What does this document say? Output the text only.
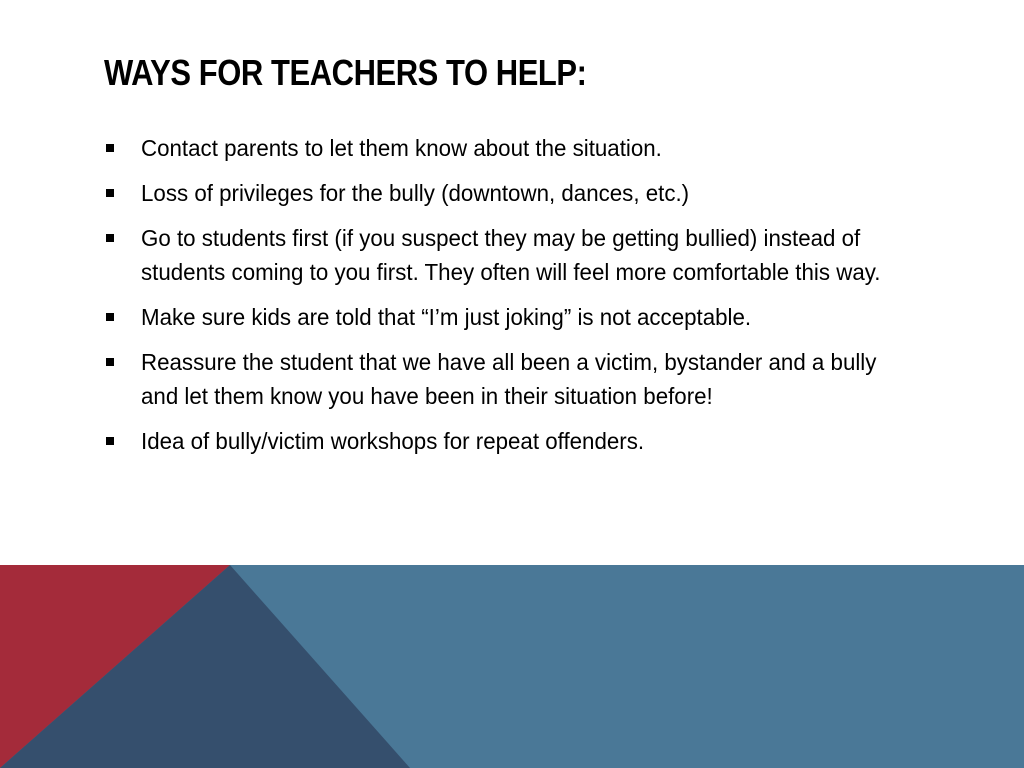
WAYS FOR TEACHERS TO HELP:
Contact parents to let them know about the situation.
Loss of privileges for the bully (downtown, dances, etc.)
Go to students first (if you suspect they may be getting bullied) instead of students coming to you first. They often will feel more comfortable this way.
Make sure kids are told that “I’m just joking” is not acceptable.
Reassure the student that we have all been a victim, bystander and a bully and let them know you have been in their situation before!
Idea of bully/victim workshops for repeat offenders.
